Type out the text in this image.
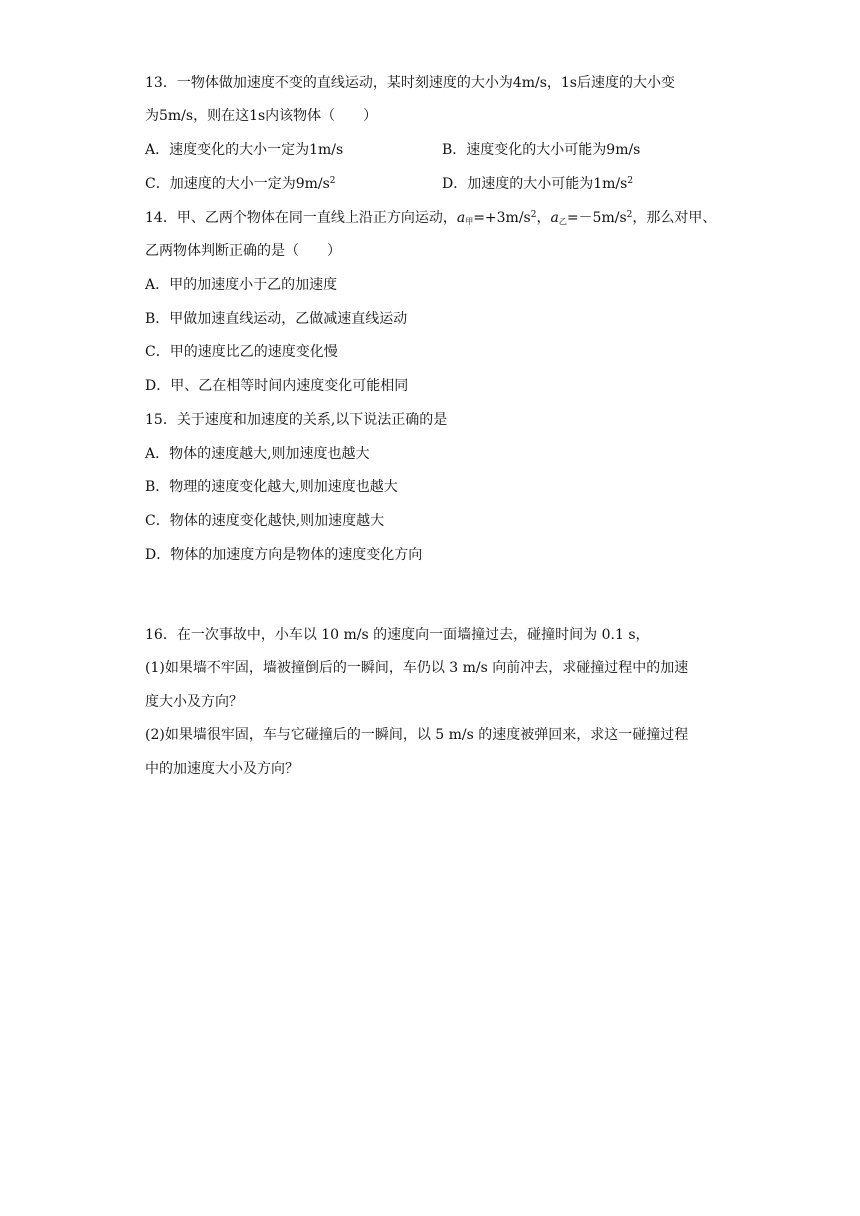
13．一物体做加速度不变的直线运动，某时刻速度的大小为4m/s，1s后速度的大小变
为5m/s，则在这1s内该物体（　　）
A．速度变化的大小一定为1m/s	B．速度变化的大小可能为9m/s
C．加速度的大小一定为$9m/s^2$	D．加速度的大小可能为$1m/s^2$
14．甲、乙两个物体在同一直线上沿正方向运动，a甲$=+3m/s^2$，a乙$=-5m/s^2$，那么对甲、
乙两物体判断正确的是（　　）
A．甲的加速度小于乙的加速度
B．甲做加速直线运动，乙做减速直线运动
C．甲的速度比乙的速度变化慢
D．甲、乙在相等时间内速度变化可能相同
15．关于速度和加速度的关系,以下说法正确的是
A．物体的速度越大,则加速度也越大
B．物理的速度变化越大,则加速度也越大
C．物体的速度变化越快,则加速度越大
D．物体的加速度方向是物体的速度变化方向
16．在一次事故中，小车以 10 m/s 的速度向一面墙撞过去，碰撞时间为 0.1 s，
(1)如果墙不牢固，墙被撞倒后的一瞬间，车仍以 3 m/s 向前冲去，求碰撞过程中的加速
度大小及方向？
(2)如果墙很牢固，车与它碰撞后的一瞬间，以 5 m/s 的速度被弹回来，求这一碰撞过程
中的加速度大小及方向？
